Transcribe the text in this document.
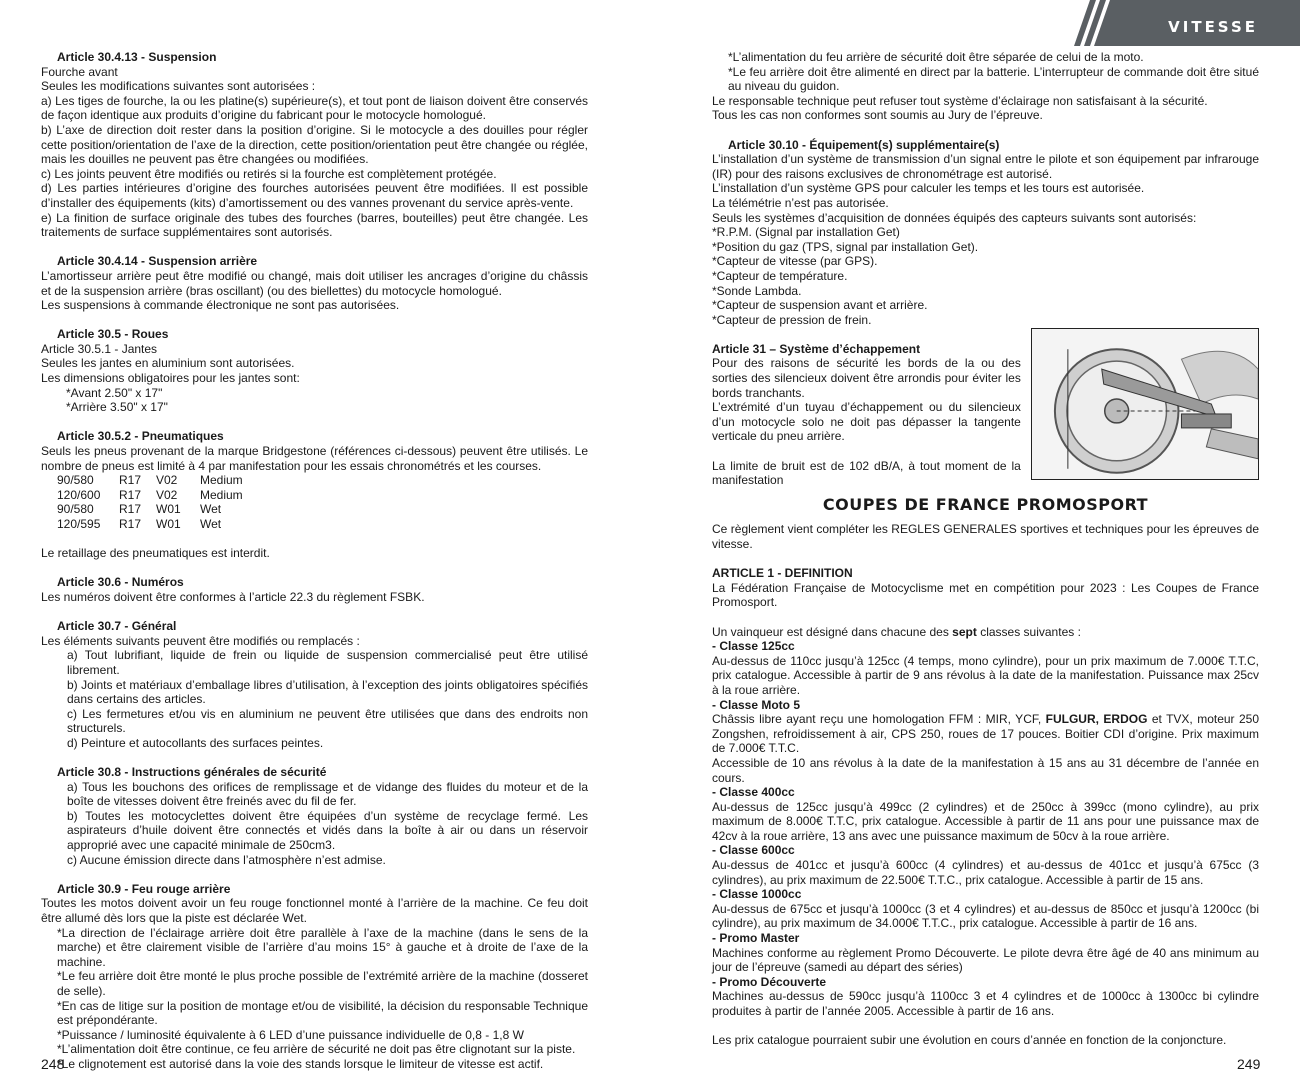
VITESSE

Article 30.4.13 - Suspension

Fourche avant

Seules les modifications suivantes sont autorisées :

a) Les tiges de fourche, la ou les platine(s) supérieure(s), et tout pont de liaison doivent être conservés de façon identique aux produits d’origine du fabricant pour le motocycle homologué.

b) L’axe de direction doit rester dans la position d’origine. Si le motocycle a des douilles pour régler cette position/orientation de l’axe de la direction, cette position/orientation peut être changée ou réglée, mais les douilles ne peuvent pas être changées ou modifiées.

c) Les joints peuvent être modifiés ou retirés si la fourche est complètement protégée.

d) Les parties intérieures d’origine des fourches autorisées peuvent être modifiées. Il est possible d’installer des équipements (kits) d’amortissement ou des vannes provenant du service après-vente.

e) La finition de surface originale des tubes des fourches (barres, bouteilles) peut être changée. Les traitements de surface supplémentaires sont autorisés.

Article 30.4.14 - Suspension arrière

L’amortisseur arrière peut être modifié ou changé, mais doit utiliser les ancrages d’origine du châssis et de la suspension arrière (bras oscillant) (ou des biellettes) du motocycle homologué.

Les suspensions à commande électronique ne sont pas autorisées.

Article 30.5 - Roues

Article 30.5.1 - Jantes

Seules les jantes en aluminium sont autorisées.

Les dimensions obligatoires pour les jantes sont:

*Avant 2.50" x 17"

*Arrière 3.50" x 17"

Article 30.5.2 - Pneumatiques

Seuls les pneus provenant de la marque Bridgestone (références ci-dessous) peuvent être utilisés. Le nombre de pneus est limité à 4 par manifestation pour les essais chronométrés et les courses.

90/580	R17	V02	Medium
120/600	R17	V02	Medium
90/580	R17	W01	Wet
120/595	R17	W01	Wet

Le retaillage des pneumatiques est interdit.

Article 30.6 - Numéros

Les numéros doivent être conformes à l’article 22.3 du règlement FSBK.

Article 30.7 - Général

Les éléments suivants peuvent être modifiés ou remplacés :

a) Tout lubrifiant, liquide de frein ou liquide de suspension commercialisé peut être utilisé librement.

b) Joints et matériaux d’emballage libres d’utilisation, à l’exception des joints obligatoires spécifiés dans certains des articles.

c) Les fermetures et/ou vis en aluminium ne peuvent être utilisées que dans des endroits non structurels.

d) Peinture et autocollants des surfaces peintes.

Article 30.8 - Instructions générales de sécurité

a) Tous les bouchons des orifices de remplissage et de vidange des fluides du moteur et de la boîte de vitesses doivent être freinés avec du fil de fer.

b) Toutes les motocyclettes doivent être équipées d’un système de recyclage fermé. Les aspirateurs d’huile doivent être connectés et vidés dans la boîte à air ou dans un réservoir approprié avec une capacité minimale de 250cm3.

c) Aucune émission directe dans l’atmosphère n’est admise.

Article 30.9 - Feu rouge arrière

Toutes les motos doivent avoir un feu rouge fonctionnel monté à l’arrière de la machine. Ce feu doit être allumé dès lors que la piste est déclarée Wet.

*La direction de l’éclairage arrière doit être parallèle à l’axe de la machine (dans le sens de la marche) et être clairement visible de l’arrière d’au moins 15° à gauche et à droite de l’axe de la machine.

*Le feu arrière doit être monté le plus proche possible de l’extrémité arrière de la machine (dosseret de selle).

*En cas de litige sur la position de montage et/ou de visibilité, la décision du responsable Technique est prépondérante.

*Puissance / luminosité équivalente à 6 LED d’une puissance individuelle de 0,8 - 1,8 W

*L’alimentation doit être continue, ce feu arrière de sécurité ne doit pas être clignotant sur la piste.

*Le clignotement est autorisé dans la voie des stands lorsque le limiteur de vitesse est actif.

248

*L’alimentation du feu arrière de sécurité doit être séparée de celui de la moto.

*Le feu arrière doit être alimenté en direct par la batterie. L’interrupteur de commande doit être situé au niveau du guidon.

Le responsable technique peut refuser tout système d’éclairage non satisfaisant à la sécurité.

Tous les cas non conformes sont soumis au Jury de l’épreuve.

Article 30.10 - Équipement(s) supplémentaire(s)

L’installation d’un système de transmission d’un signal entre le pilote et son équipement par infrarouge (IR) pour des raisons exclusives de chronométrage est autorisé.

L’installation d’un système GPS pour calculer les temps et les tours est autorisée.

La télémétrie n’est pas autorisée.

Seuls les systèmes d’acquisition de données équipés des capteurs suivants sont autorisés:

*R.P.M. (Signal par installation Get)

*Position du gaz (TPS, signal par installation Get).

*Capteur de vitesse (par GPS).

*Capteur de température.

*Sonde Lambda.

*Capteur de suspension avant et arrière.

*Capteur de pression de frein.

Article 31 – Système d’échappement

Pour des raisons de sécurité les bords de la ou des sorties des silencieux doivent être arrondis pour éviter les bords tranchants.

L’extrémité d’un tuyau d’échappement ou du silencieux d’un motocycle solo ne doit pas dépasser la tangente verticale du pneu arrière.

La limite de bruit est de 102 dB/A, à tout moment de la manifestation

COUPES DE FRANCE PROMOSPORT

Ce règlement vient compléter les REGLES GENERALES sportives et techniques pour les épreuves de vitesse.

ARTICLE 1 - DEFINITION

La Fédération Française de Motocyclisme met en compétition pour 2023 : Les Coupes de France Promosport.

Un vainqueur est désigné dans chacune des sept classes suivantes :

- Classe 125cc

Au-dessus de 110cc jusqu’à 125cc (4 temps, mono cylindre), pour un prix maximum de 7.000€ T.T.C, prix catalogue. Accessible à partir de 9 ans révolus à la date de la manifestation. Puissance max 25cv à la roue arrière.

- Classe Moto 5

Châssis libre ayant reçu une homologation FFM : MIR, YCF, FULGUR, ERDOG et TVX, moteur 250 Zongshen, refroidissement à air, CPS 250, roues de 17 pouces. Boitier CDI d’origine. Prix maximum de 7.000€ T.T.C.

Accessible de 10 ans révolus à la date de la manifestation à 15 ans au 31 décembre de l’année en cours.

- Classe 400cc

Au-dessus de 125cc jusqu’à 499cc (2 cylindres) et de 250cc à 399cc (mono cylindre), au prix maximum de 8.000€ T.T.C, prix catalogue. Accessible à partir de 11 ans pour une puissance max de 42cv à la roue arrière, 13 ans avec une puissance maximum de 50cv à la roue arrière.

- Classe 600cc

Au-dessus de 401cc et jusqu’à 600cc (4 cylindres) et au-dessus de 401cc et jusqu’à 675cc (3 cylindres), au prix maximum de 22.500€ T.T.C., prix catalogue. Accessible à partir de 15 ans.

- Classe 1000cc

Au-dessus de 675cc et jusqu’à 1000cc (3 et 4 cylindres) et au-dessus de 850cc et jusqu’à 1200cc (bi cylindre), au prix maximum de 34.000€ T.T.C., prix catalogue. Accessible à partir de 16 ans.

- Promo Master

Machines conforme au règlement Promo Découverte. Le pilote devra être âgé de 40 ans minimum au jour de l’épreuve (samedi au départ des séries)

- Promo Découverte

Machines au-dessus de 590cc jusqu’à 1100cc 3 et 4 cylindres et de 1000cc à 1300cc bi cylindre produites à partir de l’année 2005. Accessible à partir de 16 ans.

Les prix catalogue pourraient subir une évolution en cours d’année en fonction de la conjoncture.

249
